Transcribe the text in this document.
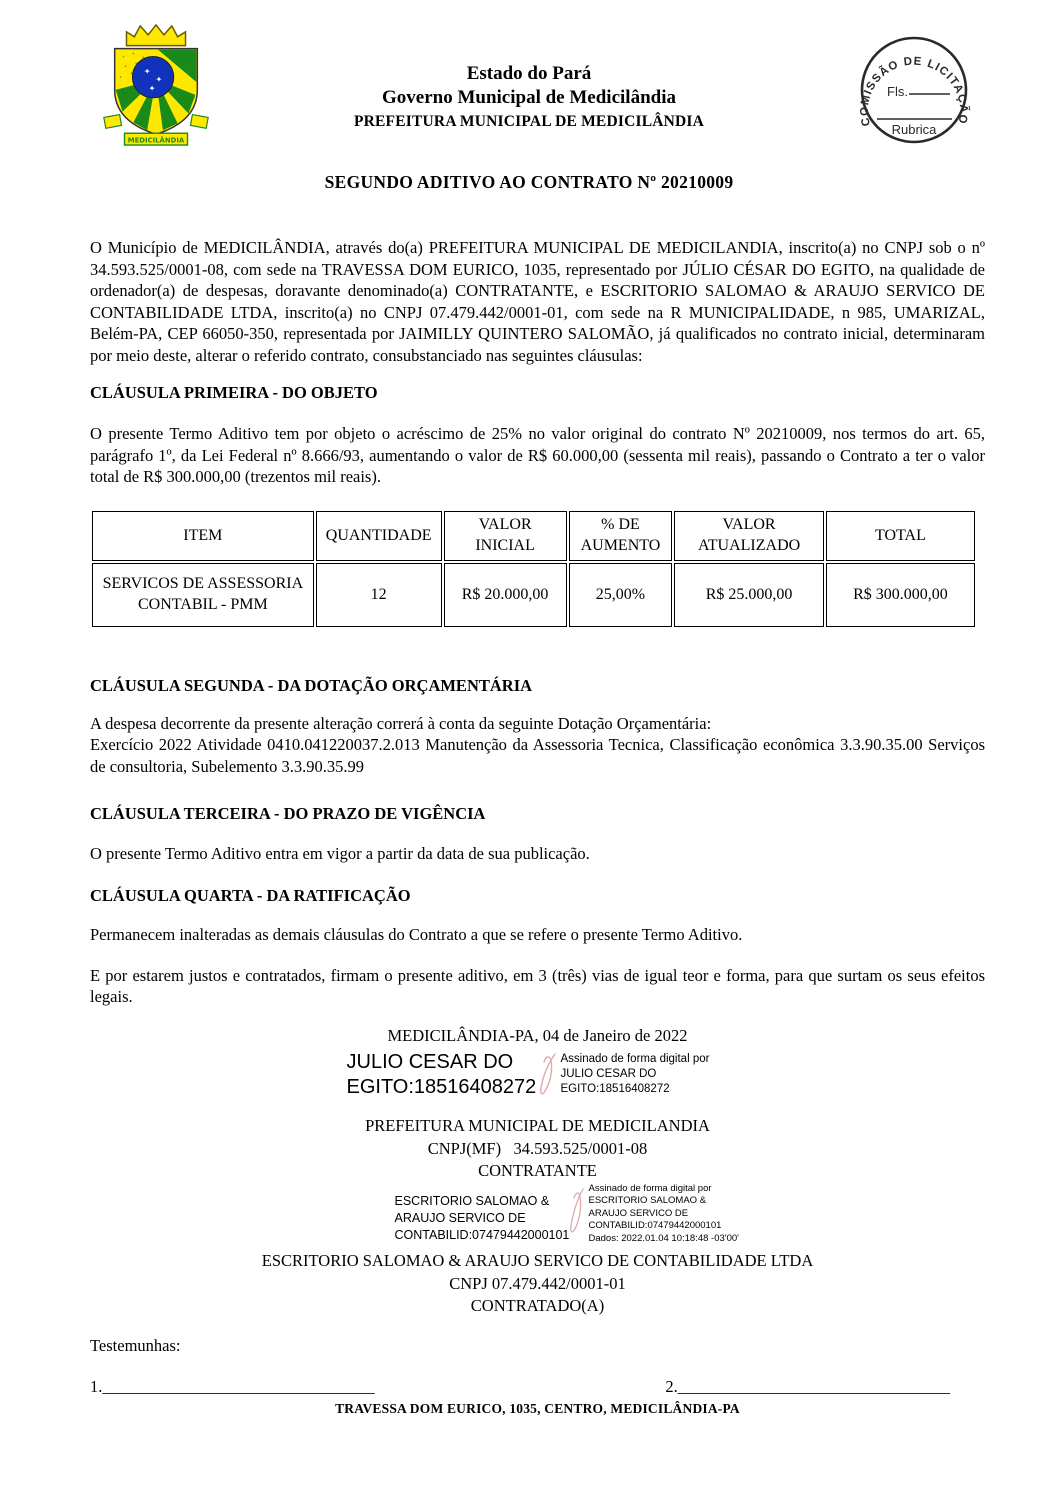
✦
✦
✦
MEDICILÂNDIA
Estado do Pará
Governo Municipal de Medicilândia
PREFEITURA MUNICIPAL DE MEDICILÂNDIA	COMISSÃO DE LICITAÇÃO
Fls.
Rubrica
SEGUNDO ADITIVO AO CONTRATO Nº 20210009

O Município de MEDICILÂNDIA, através do(a) PREFEITURA MUNICIPAL DE MEDICILANDIA, inscrito(a) no CNPJ sob o nº 34.593.525/0001-08, com sede na TRAVESSA DOM EURICO, 1035, representado por JÚLIO CÉSAR DO EGITO, na qualidade de ordenador(a) de despesas, doravante denominado(a) CONTRATANTE, e ESCRITORIO SALOMAO & ARAUJO SERVICO DE CONTABILIDADE LTDA, inscrito(a) no CNPJ 07.479.442/0001-01, com sede na R MUNICIPALIDADE, n 985, UMARIZAL, Belém-PA, CEP 66050-350, representada por JAIMILLY QUINTERO SALOMÃO, já qualificados no contrato inicial, determinaram por meio deste, alterar o referido contrato, consubstanciado nas seguintes cláusulas:

CLÁUSULA PRIMEIRA - DO OBJETO

O presente Termo Aditivo tem por objeto o acréscimo de 25% no valor original do contrato Nº 20210009, nos termos do art. 65, parágrafo 1º, da Lei Federal nº 8.666/93, aumentando o valor de R$ 60.000,00 (sessenta mil reais), passando o Contrato a ter o valor total de R$ 300.000,00 (trezentos mil reais).

ITEM	QUANTIDADE	VALOR INICIAL	% DE AUMENTO	VALOR ATUALIZADO	TOTAL
SERVICOS DE ASSESSORIA CONTABIL - PMM	12	R$ 20.000,00	25,00%	R$ 25.000,00	R$ 300.000,00

CLÁUSULA SEGUNDA - DA DOTAÇÃO ORÇAMENTÁRIA

A despesa decorrente da presente alteração correrá à conta da seguinte Dotação Orçamentária:

Exercício 2022 Atividade 0410.041220037.2.013 Manutenção da Assessoria Tecnica, Classificação econômica 3.3.90.35.00 Serviços de consultoria, Subelemento 3.3.90.35.99

CLÁUSULA TERCEIRA - DO PRAZO DE VIGÊNCIA

O presente Termo Aditivo entra em vigor a partir da data de sua publicação.

CLÁUSULA QUARTA - DA RATIFICAÇÃO

Permanecem inalteradas as demais cláusulas do Contrato a que se refere o presente Termo Aditivo.

E por estarem justos e contratados, firmam o presente aditivo, em 3 (três) vias de igual teor e forma, para que surtam os seus efeitos legais.

MEDICILÂNDIA-PA, 04 de Janeiro de 2022

JULIO CESAR DO EGITO:18516408272
Assinado de forma digital por JULIO CESAR DO EGITO:18516408272

PREFEITURA MUNICIPAL DE MEDICILANDIA

CNPJ(MF)   34.593.525/0001-08

CONTRATANTE

ESCRITORIO SALOMAO & ARAUJO SERVICO DE CONTABILID:07479442000101
Assinado de forma digital por ESCRITORIO SALOMAO & ARAUJO SERVICO DE CONTABILID:07479442000101
Dados: 2022.01.04 10:18:48 -03'00'

ESCRITORIO SALOMAO & ARAUJO SERVICO DE CONTABILIDADE LTDA

CNPJ 07.479.442/0001-01

CONTRATADO(A)

Testemunhas:

1._________________________________	2._________________________________

TRAVESSA DOM EURICO, 1035, CENTRO, MEDICILÂNDIA-PA
